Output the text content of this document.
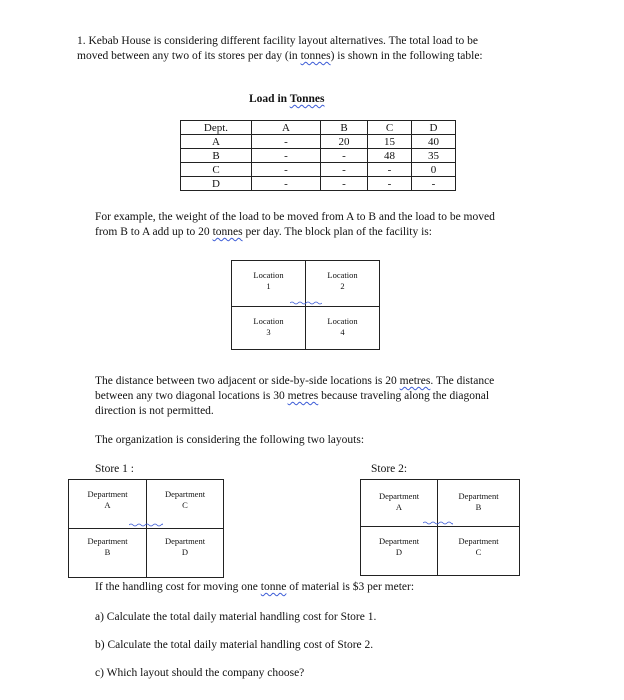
1. Kebab House is considering different facility layout alternatives. The total load to be
moved between any two of its stores per day (in tonnes) is shown in the following table:
Load in Tonnes
Dept.	A	B	C	D
A	-	20	15	40
B	-	-	48	35
C	-	-	-	0
D	-	-	-	-
For example, the weight of the load to be moved from A to B and the load to be moved
from B to A add up to 20 tonnes per day. The block plan of the facility is:
Location
1
Location
2
Location
3
Location
4
The distance between two adjacent or side-by-side locations is 20 metres. The distance
between any two diagonal locations is 30 metres because traveling along the diagonal
direction is not permitted.
The organization is considering the following two layouts:
Store 1 :	Store 2:
Department
A
Department
C
Department
B
Department
D
Department
A
Department
B
Department
D
Department
C
If the handling cost for moving one tonne of material is $3 per meter:
a) Calculate the total daily material handling cost for Store 1.
b) Calculate the total daily material handling cost of Store 2.
c) Which layout should the company choose?
